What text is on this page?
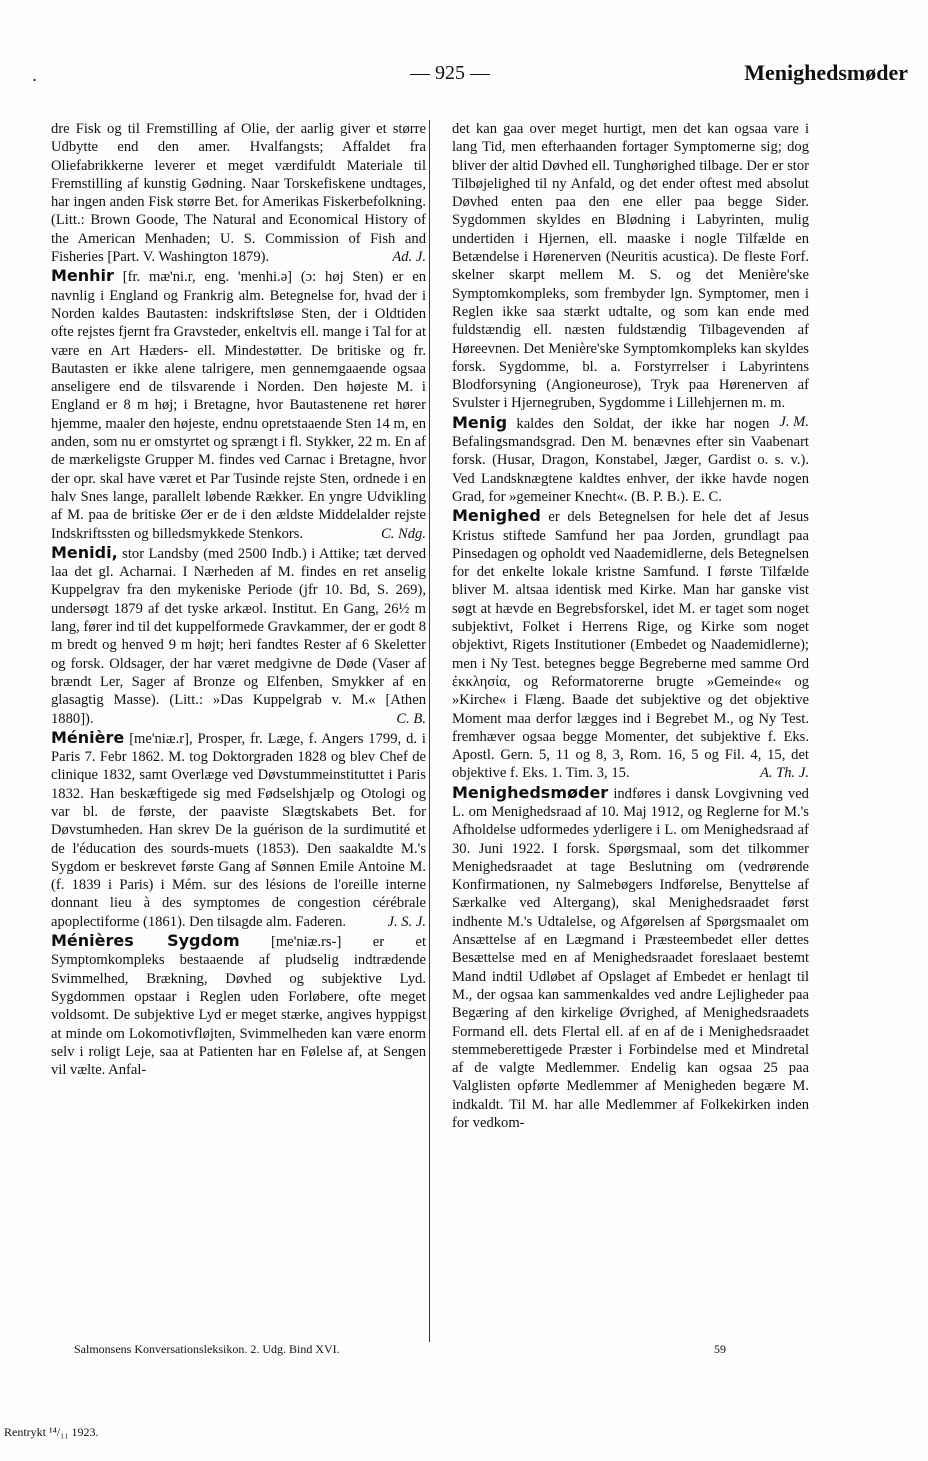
.	— 925 —	Menighedsmøder

dre Fisk og til Fremstilling af Olie, der aarlig giver et større Udbytte end den amer. Hvalfangsts; Affaldet fra Oliefabrikkerne leverer et meget værdifuldt Materiale til Fremstilling af kunstig Gødning. Naar Torskefiskene undtages, har ingen anden Fisk større Bet. for Amerikas Fiskerbefolkning. (Litt.: Brown Goode, The Natural and Economical History of the American Menhaden; U. S. Commission of Fish and Fisheries [Part. V. Washington 1879).	Ad. J.

Menhir [fr. mæ'ni.r, eng. 'menhi.ə] (ɔ: høj Sten) er en navnlig i England og Frankrig alm. Betegnelse for, hvad der i Norden kaldes Bautasten: indskriftsløse Sten, der i Oldtiden ofte rejstes fjernt fra Gravsteder, enkeltvis ell. mange i Tal for at være en Art Hæders- ell. Mindestøtter. De britiske og fr. Bautasten er ikke alene talrigere, men gennemgaaende ogsaa anseligere end de tilsvarende i Norden. Den højeste M. i England er 8 m høj; i Bretagne, hvor Bautastenene ret hører hjemme, maaler den højeste, endnu opretstaaende Sten 14 m, en anden, som nu er omstyrtet og sprængt i fl. Stykker, 22 m. En af de mærkeligste Grupper M. findes ved Carnac i Bretagne, hvor der opr. skal have været et Par Tusinde rejste Sten, ordnede i en halv Snes lange, parallelt løbende Rækker. En yngre Udvikling af M. paa de britiske Øer er de i den ældste Middelalder rejste Indskriftssten og billedsmykkede Stenkors.	C. Ndg.

Menidi, stor Landsby (med 2500 Indb.) i Attike; tæt derved laa det gl. Acharnai. I Nærheden af M. findes en ret anselig Kuppelgrav fra den mykeniske Periode (jfr 10. Bd, S. 269), undersøgt 1879 af det tyske arkæol. Institut. En Gang, 26½ m lang, fører ind til det kuppelformede Gravkammer, der er godt 8 m bredt og henved 9 m højt; heri fandtes Rester af 6 Skeletter og forsk. Oldsager, der har været medgivne de Døde (Vaser af brændt Ler, Sager af Bronze og Elfenben, Smykker af en glasagtig Masse). (Litt.: »Das Kuppelgrab v. M.« [Athen 1880]).	C. B.

Ménière [me'niæ.r], Prosper, fr. Læge, f. Angers 1799, d. i Paris 7. Febr 1862. M. tog Doktorgraden 1828 og blev Chef de clinique 1832, samt Overlæge ved Døvstummeinstituttet i Paris 1832. Han beskæftigede sig med Fødselshjælp og Otologi og var bl. de første, der paaviste Slægtskabets Bet. for Døvstumheden. Han skrev De la guérison de la surdimutité et de l'éducation des sourds-muets (1853). Den saakaldte M.'s Sygdom er beskrevet første Gang af Sønnen Emile Antoine M. (f. 1839 i Paris) i Mém. sur des lésions de l'oreille interne donnant lieu à des symptomes de congestion cérébrale apoplectiforme (1861). Den tilsagde alm. Faderen.	J. S. J.

Ménières Sygdom [me'niæ.rs-] er et Symptomkompleks bestaaende af pludselig indtrædende Svimmelhed, Brækning, Døvhed og subjektive Lyd. Sygdommen opstaar i Reglen uden Forløbere, ofte meget voldsomt. De subjektive Lyd er meget stærke, angives hyppigst at minde om Lokomotivfløjten, Svimmelheden kan være enorm selv i roligt Leje, saa at Patienten har en Følelse af, at Sengen vil vælte. Anfal-

det kan gaa over meget hurtigt, men det kan ogsaa vare i lang Tid, men efterhaanden fortager Symptomerne sig; dog bliver der altid Døvhed ell. Tunghørighed tilbage. Der er stor Tilbøjelighed til ny Anfald, og det ender oftest med absolut Døvhed enten paa den ene eller paa begge Sider. Sygdommen skyldes en Blødning i Labyrinten, mulig undertiden i Hjernen, ell. maaske i nogle Tilfælde en Betændelse i Hørenerven (Neuritis acustica). De fleste Forf. skelner skarpt mellem M. S. og det Menière'ske Symptomkompleks, som frembyder lgn. Symptomer, men i Reglen ikke saa stærkt udtalte, og som kan ende med fuldstændig ell. næsten fuldstændig Tilbagevenden af Høreevnen. Det Menière'ske Symptomkompleks kan skyldes forsk. Sygdomme, bl. a. Forstyrrelser i Labyrintens Blodforsyning (Angioneurose), Tryk paa Hørenerven af Svulster i Hjernegruben, Sygdomme i Lillehjernen m. m.
J. M.

Menig kaldes den Soldat, der ikke har nogen Befalingsmandsgrad. Den M. benævnes efter sin Vaabenart forsk. (Husar, Dragon, Konstabel, Jæger, Gardist o. s. v.). Ved Landsknægtene kaldtes enhver, der ikke havde nogen Grad, for »gemeiner Knecht«. (B. P. B.). E. C.

Menighed er dels Betegnelsen for hele det af Jesus Kristus stiftede Samfund her paa Jorden, grundlagt paa Pinsedagen og opholdt ved Naademidlerne, dels Betegnelsen for det enkelte lokale kristne Samfund. I første Tilfælde bliver M. altsaa identisk med Kirke. Man har ganske vist søgt at hævde en Begrebsforskel, idet M. er taget som noget subjektivt, Folket i Herrens Rige, og Kirke som noget objektivt, Rigets Institutioner (Embedet og Naademidlerne); men i Ny Test. betegnes begge Begreberne med samme Ord ἐκκλησία, og Reformatorerne brugte »Gemeinde« og »Kirche« i Flæng. Baade det subjektive og det objektive Moment maa derfor lægges ind i Begrebet M., og Ny Test. fremhæver ogsaa begge Momenter, det subjektive f. Eks. Apostl. Gern. 5, 11 og 8, 3, Rom. 16, 5 og Fil. 4, 15, det objektive f. Eks. 1. Tim. 3, 15.	A. Th. J.

Menighedsmøder indføres i dansk Lovgivning ved L. om Menighedsraad af 10. Maj 1912, og Reglerne for M.'s Afholdelse udformedes yderligere i L. om Menighedsraad af 30. Juni 1922. I forsk. Spørgsmaal, som det tilkommer Menighedsraadet at tage Beslutning om (vedrørende Konfirmationen, ny Salmebøgers Indførelse, Benyttelse af Særkalke ved Altergang), skal Menighedsraadet først indhente M.'s Udtalelse, og Afgørelsen af Spørgsmaalet om Ansættelse af en Lægmand i Præsteembedet eller dettes Besættelse med en af Menighedsraadet foreslaaet bestemt Mand indtil Udløbet af Opslaget af Embedet er henlagt til M., der ogsaa kan sammenkaldes ved andre Lejligheder paa Begæring af den kirkelige Øvrighed, af Menighedsraadets Formand ell. dets Flertal ell. af en af de i Menighedsraadet stemmeberettigede Præster i Forbindelse med et Mindretal af de valgte Medlemmer. Endelig kan ogsaa 25 paa Valglisten opførte Medlemmer af Menigheden begære M. indkaldt. Til M. har alle Medlemmer af Folkekirken inden for vedkom-

Salmonsens Konversationsleksikon. 2. Udg. Bind XVI.	59
Rentrykt ¹⁴/₁₁ 1923.
